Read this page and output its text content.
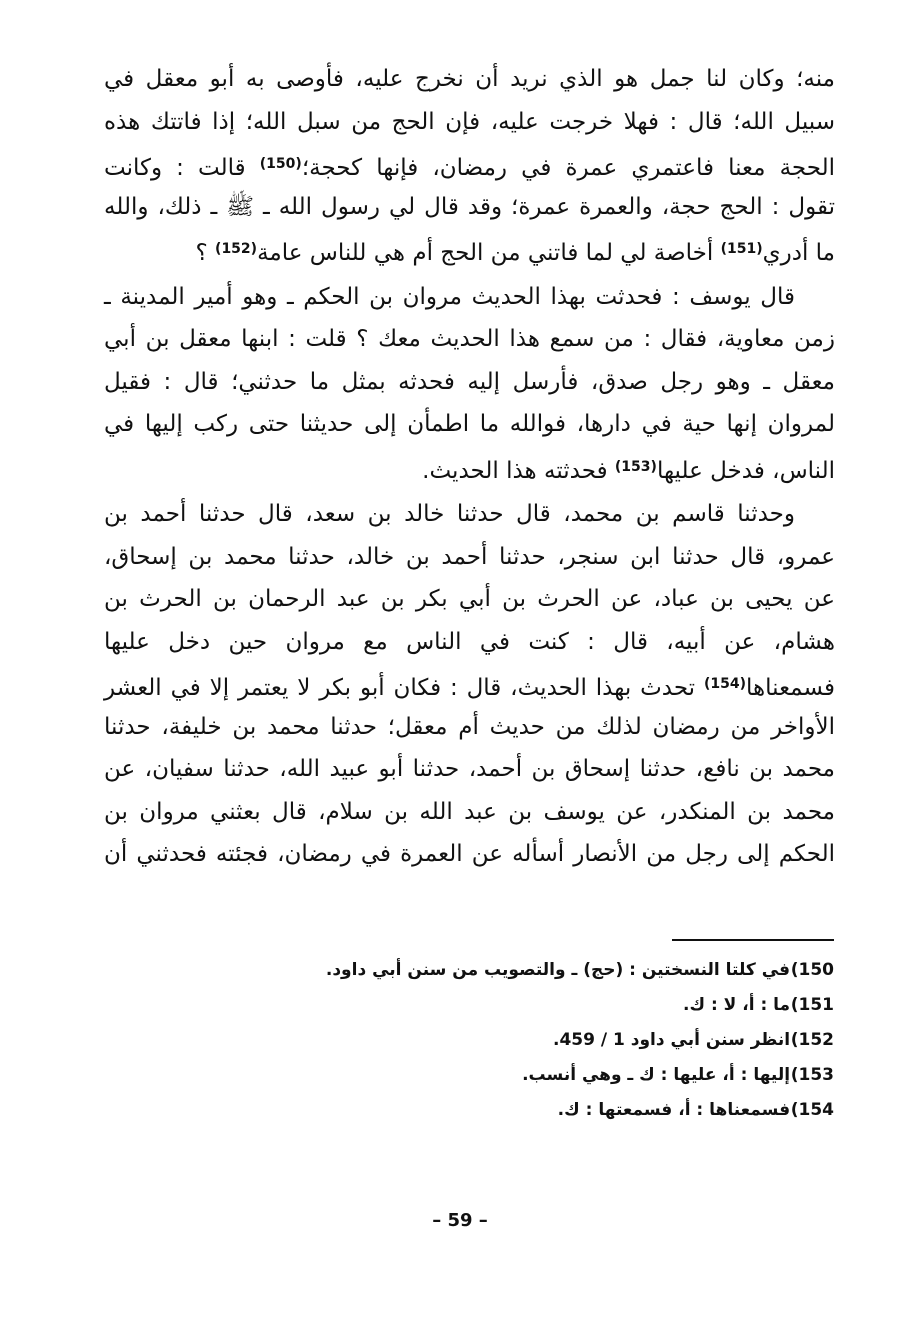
منه؛ وكان لنا جمل هو الذي نريد أن نخرج عليه، فأوصى به أبو معقل في
سبيل الله؛ قال : فهلا خرجت عليه، فإن الحج من سبل الله؛ إذا فاتتك هذه
الحجة معنا فاعتمري عمرة في رمضان، فإنها كحجة؛$^{(150)}$ قالت : وكانت
تقول : الحج حجة، والعمرة عمرة؛ وقد قال لي رسول الله ـ ﷺ ـ ذلك، والله
ما أدري$^{(151)}$ أخاصة لي لما فاتني من الحج أم هي للناس عامة$^{(152)}$ ؟
قال يوسف : فحدثت بهذا الحديث مروان بن الحكم ـ وهو أمير المدينة ـ
زمن معاوية، فقال : من سمع هذا الحديث معك ؟ قلت : ابنها معقل بن أبي
معقل ـ وهو رجل صدق، فأرسل إليه فحدثه بمثل ما حدثني؛ قال : فقيل
لمروان إنها حية في دارها، فوالله ما اطمأن إلى حديثنا حتى ركب إليها في
الناس، فدخل عليها$^{(153)}$ فحدثته هذا الحديث.
وحدثنا قاسم بن محمد، قال حدثنا خالد بن سعد، قال حدثنا أحمد بن
عمرو، قال حدثنا ابن سنجر، حدثنا أحمد بن خالد، حدثنا محمد بن إسحاق،
عن يحيى بن عباد، عن الحرث بن أبي بكر بن عبد الرحمان بن الحرث بن
هشام، عن أبيه، قال : كنت في الناس مع مروان حين دخل عليها
فسمعناها$^{(154)}$ تحدث بهذا الحديث، قال : فكان أبو بكر لا يعتمر إلا في العشر
الأواخر من رمضان لذلك من حديث أم معقل؛ حدثنا محمد بن خليفة، حدثنا
محمد بن نافع، حدثنا إسحاق بن أحمد، حدثنا أبو عبيد الله، حدثنا سفيان، عن
محمد بن المنكدر، عن يوسف بن عبد الله بن سلام، قال بعثني مروان بن
الحكم إلى رجل من الأنصار أسأله عن العمرة في رمضان، فجئته فحدثني أن
150) في كلتا النسختين : (حج) ـ والتصويب من سنن أبي داود.
151) ما : أ، لا : ك.
152) انظر سنن أبي داود 1 / 459.
153) إليها : أ، عليها : ك ـ وهي أنسب.
154) فسمعناها : أ، فسمعتها : ك.
– 59 –
